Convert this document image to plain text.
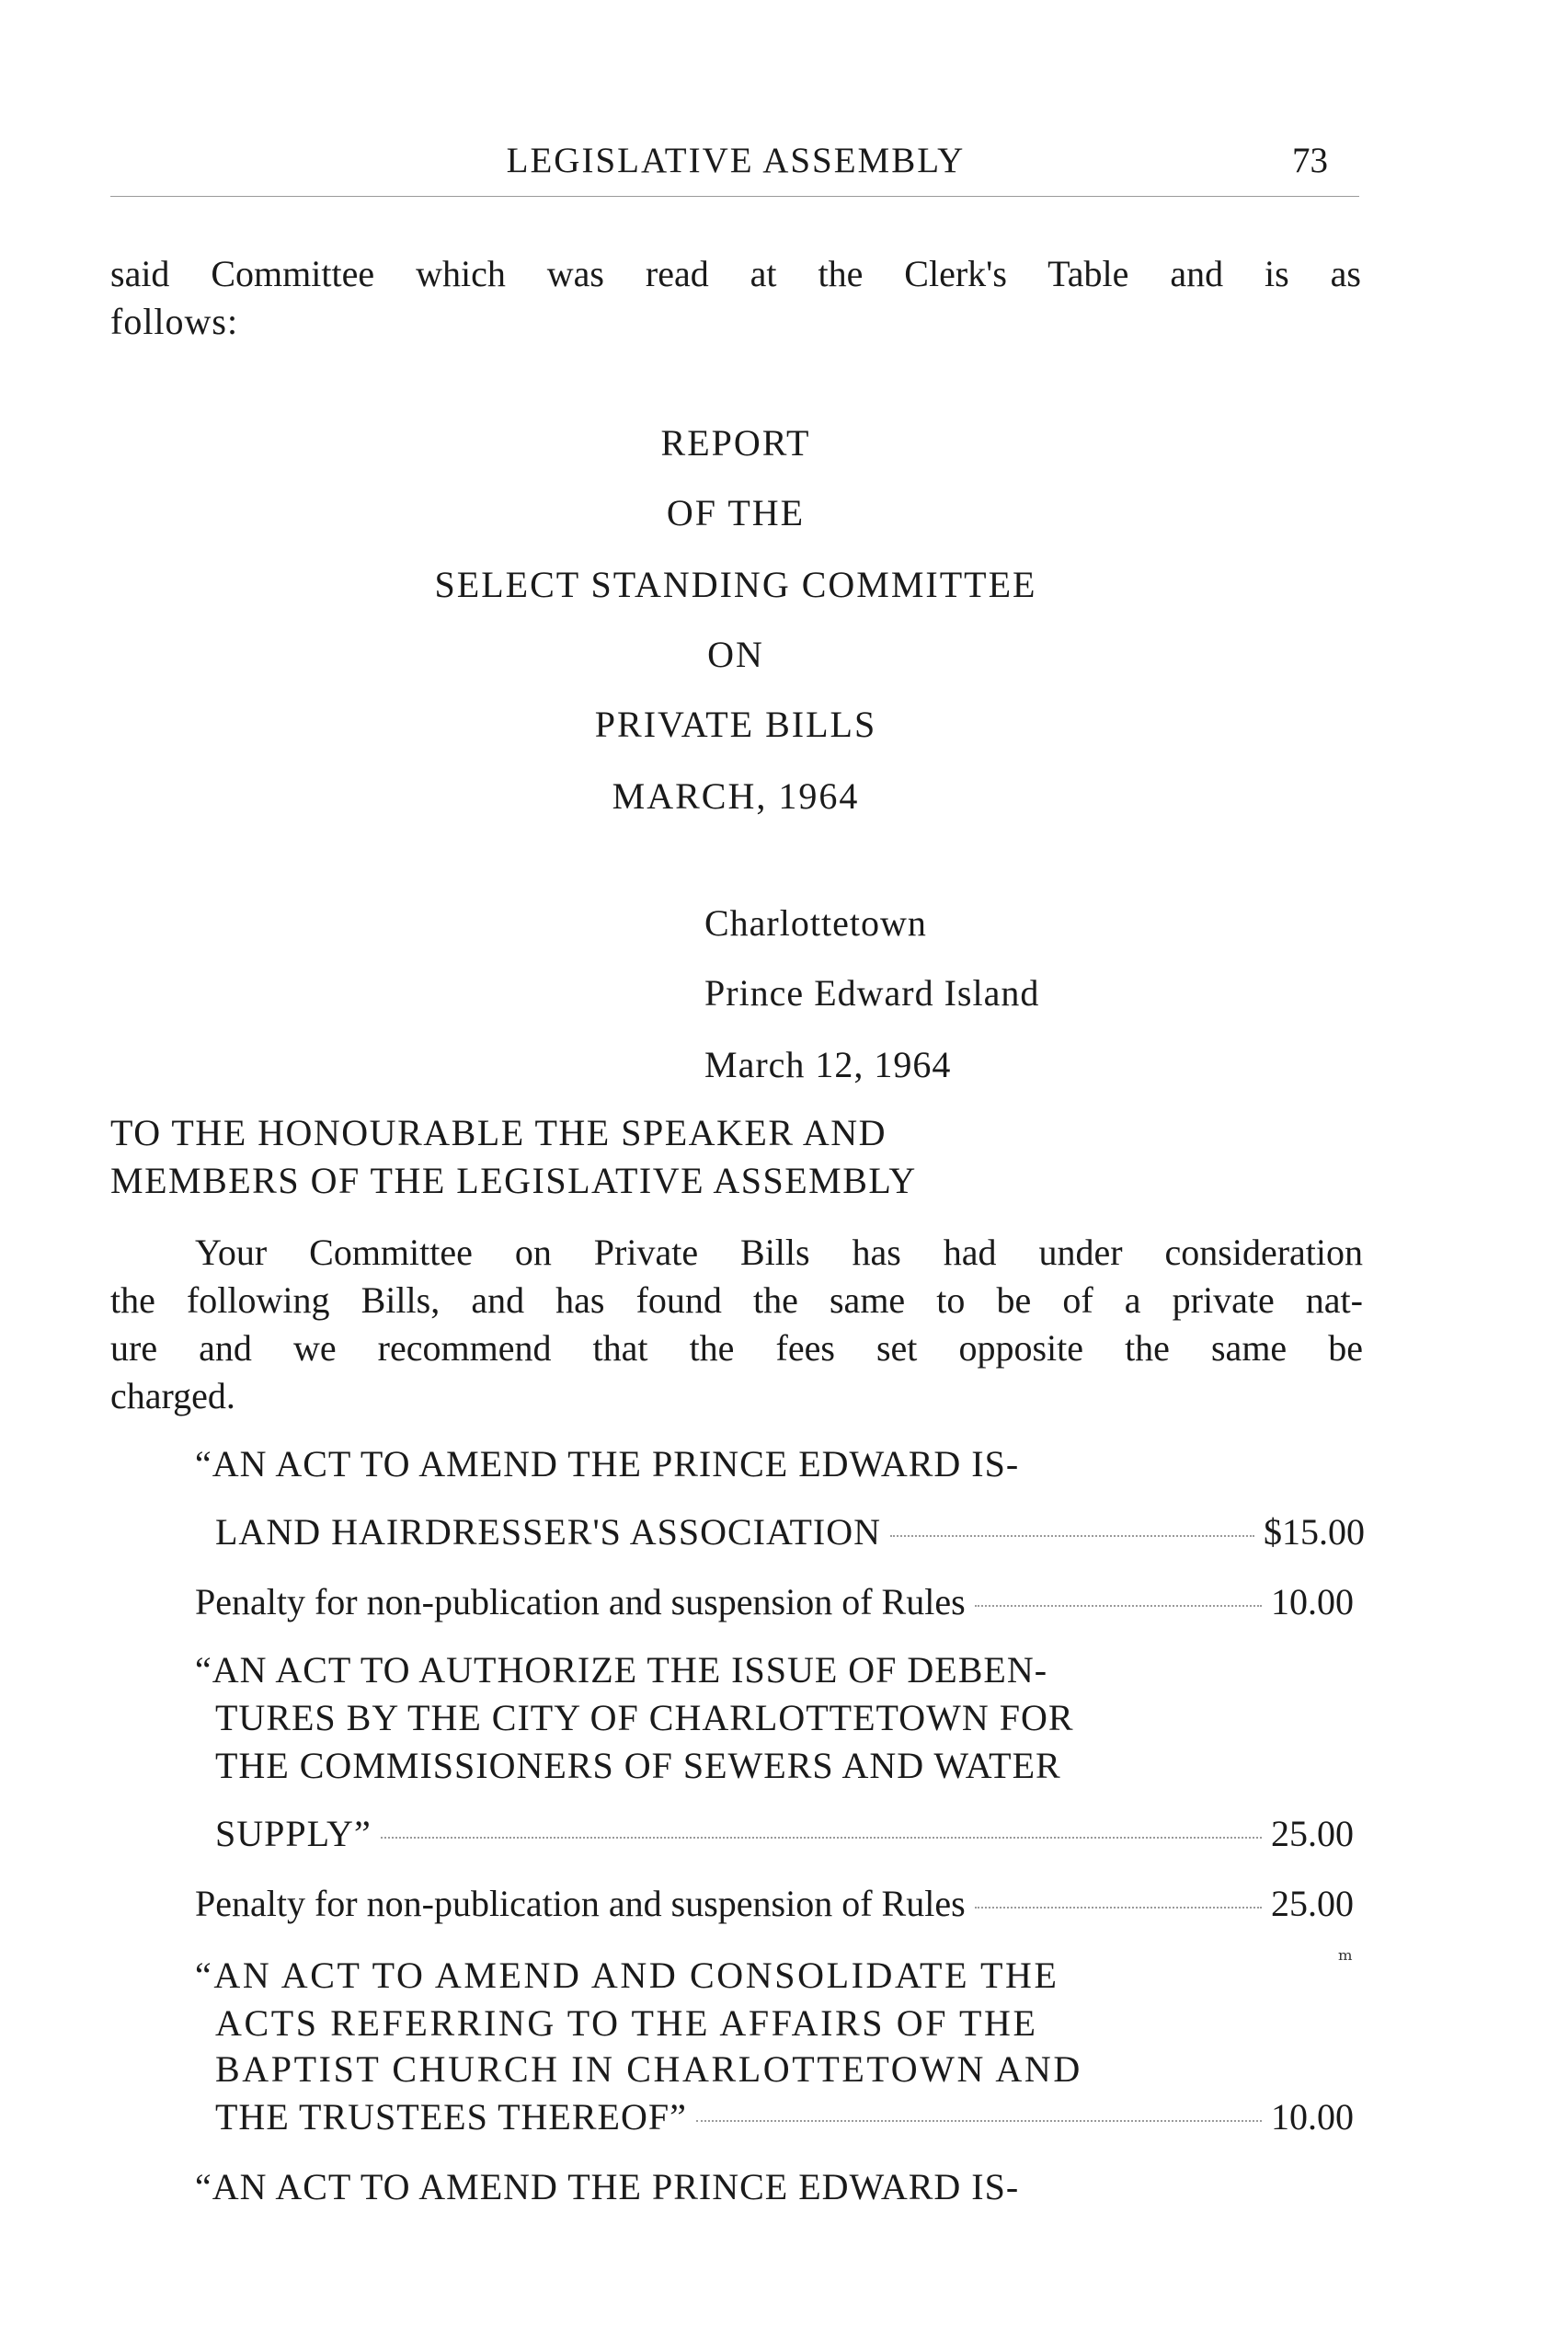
LEGISLATIVE ASSEMBLY	73
said Committee which was read at the Clerk's Table and is as
follows:
REPORT
OF THE
SELECT STANDING COMMITTEE
ON
PRIVATE BILLS
MARCH, 1964
Charlottetown
Prince Edward Island
March 12, 1964
TO THE HONOURABLE THE SPEAKER AND
MEMBERS OF THE LEGISLATIVE ASSEMBLY
Your Committee on Private Bills has had under consideration
the following Bills, and has found the same to be of a private nat-
ure and we recommend that the fees set opposite the same be
charged.
“AN ACT TO AMEND THE PRINCE EDWARD IS-
LAND HAIRDRESSER'S ASSOCIATION	$15.00
Penalty for non-publication and suspension of Rules	10.00
“AN ACT TO AUTHORIZE THE ISSUE OF DEBEN-
TURES BY THE CITY OF CHARLOTTETOWN FOR
THE COMMISSIONERS OF SEWERS AND WATER
SUPPLY”	25.00
Penalty for non-publication and suspension of Rules	25.00
ₘ
“AN ACT TO AMEND AND CONSOLIDATE THE
ACTS REFERRING TO THE AFFAIRS OF THE
BAPTIST CHURCH IN CHARLOTTETOWN AND
THE TRUSTEES THEREOF”	10.00
“AN ACT TO AMEND THE PRINCE EDWARD IS-
